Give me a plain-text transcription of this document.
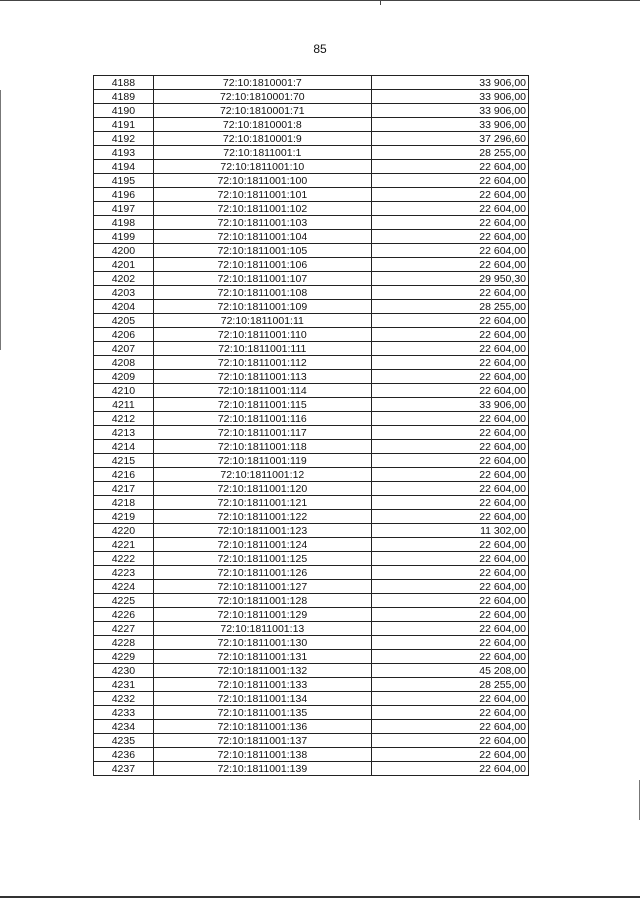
85
4188	72:10:1810001:7	33 906,00
4189	72:10:1810001:70	33 906,00
4190	72:10:1810001:71	33 906,00
4191	72:10:1810001:8	33 906,00
4192	72:10:1810001:9	37 296,60
4193	72:10:1811001:1	28 255,00
4194	72:10:1811001:10	22 604,00
4195	72:10:1811001:100	22 604,00
4196	72:10:1811001:101	22 604,00
4197	72:10:1811001:102	22 604,00
4198	72:10:1811001:103	22 604,00
4199	72:10:1811001:104	22 604,00
4200	72:10:1811001:105	22 604,00
4201	72:10:1811001:106	22 604,00
4202	72:10:1811001:107	29 950,30
4203	72:10:1811001:108	22 604,00
4204	72:10:1811001:109	28 255,00
4205	72:10:1811001:11	22 604,00
4206	72:10:1811001:110	22 604,00
4207	72:10:1811001:111	22 604,00
4208	72:10:1811001:112	22 604,00
4209	72:10:1811001:113	22 604,00
4210	72:10:1811001:114	22 604,00
4211	72:10:1811001:115	33 906,00
4212	72:10:1811001:116	22 604,00
4213	72:10:1811001:117	22 604,00
4214	72:10:1811001:118	22 604,00
4215	72:10:1811001:119	22 604,00
4216	72:10:1811001:12	22 604,00
4217	72:10:1811001:120	22 604,00
4218	72:10:1811001:121	22 604,00
4219	72:10:1811001:122	22 604,00
4220	72:10:1811001:123	11 302,00
4221	72:10:1811001:124	22 604,00
4222	72:10:1811001:125	22 604,00
4223	72:10:1811001:126	22 604,00
4224	72:10:1811001:127	22 604,00
4225	72:10:1811001:128	22 604,00
4226	72:10:1811001:129	22 604,00
4227	72:10:1811001:13	22 604,00
4228	72:10:1811001:130	22 604,00
4229	72:10:1811001:131	22 604,00
4230	72:10:1811001:132	45 208,00
4231	72:10:1811001:133	28 255,00
4232	72:10:1811001:134	22 604,00
4233	72:10:1811001:135	22 604,00
4234	72:10:1811001:136	22 604,00
4235	72:10:1811001:137	22 604,00
4236	72:10:1811001:138	22 604,00
4237	72:10:1811001:139	22 604,00
